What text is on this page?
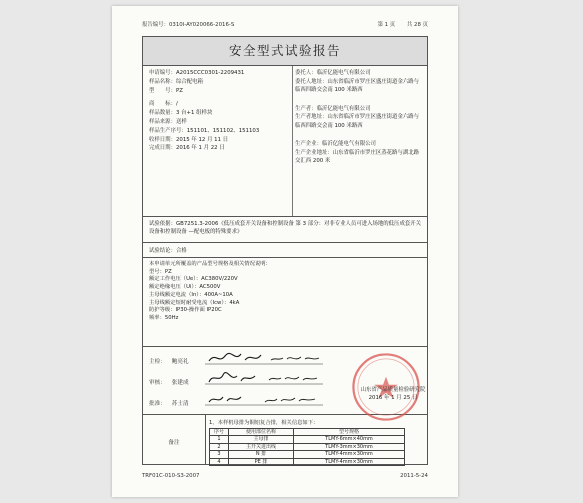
报告编号：0310I-AY020066-2016-S	第 1 页 共 28 页
安全型式试验报告
申请编号：A2015CCC0301-2209431
样品名称：综合配电箱
型　　号：PZ
商　　标：/
样品数量：3 台+1 组样块
样品来源：送样
样品生产序号：151101、151102、151103
收样日期：2015 年 12 月 11 日
完成日期：2016 年 1 月 22 日
委托人：临沂亿能电气有限公司
委托人地址：山东省临沂市罗庄区盛庄街道金六路与临西四路交会南 100 米路西
生产者：临沂亿能电气有限公司
生产者地址：山东省临沂市罗庄区盛庄街道金六路与临西四路交会南 100 米路西
生产企业：临沂亿能电气有限公司
生产企业地址：山东省临沂市罗庄区蒸花路与湖北路交汇西 200 米
试验依据：GB7251.3-2006《低压成套开关设备和控制设备 第 3 部分：对非专业人员可进入场地的低压成套开关设备和控制设备 —配电板的特殊要求》
试验结论：合格
本申请单元所覆盖的产品型号规格及相关情况说明：
型号：PZ
额定工作电压（Ue）：AC380V/220V
额定绝缘电压（Ui）：AC500V
主母线额定电流（In）：400A~10A
主母线额定短时耐受电流（Icw）：4kA
防护等级：IP30-操作面 IP20C
频率：50Hz
主检： 鲍亮礼
审核： 张建成
批准： 苏士清
山东省产品质量检验研究院
2016 年 1 月 25 日
备注
1、本样机母排为铜铝复合排，相关信息如下：
序号	使用部位名称	型号规格
1	主母排	TLMY-6mm×40mm
2	主开关进出线	TLMY-3mm×30mm
3	N 排	TLMY-4mm×30mm
4	PE 排	TLMY-4mm×30mm
TRF01C-010-S3-2007	2011-5-24
